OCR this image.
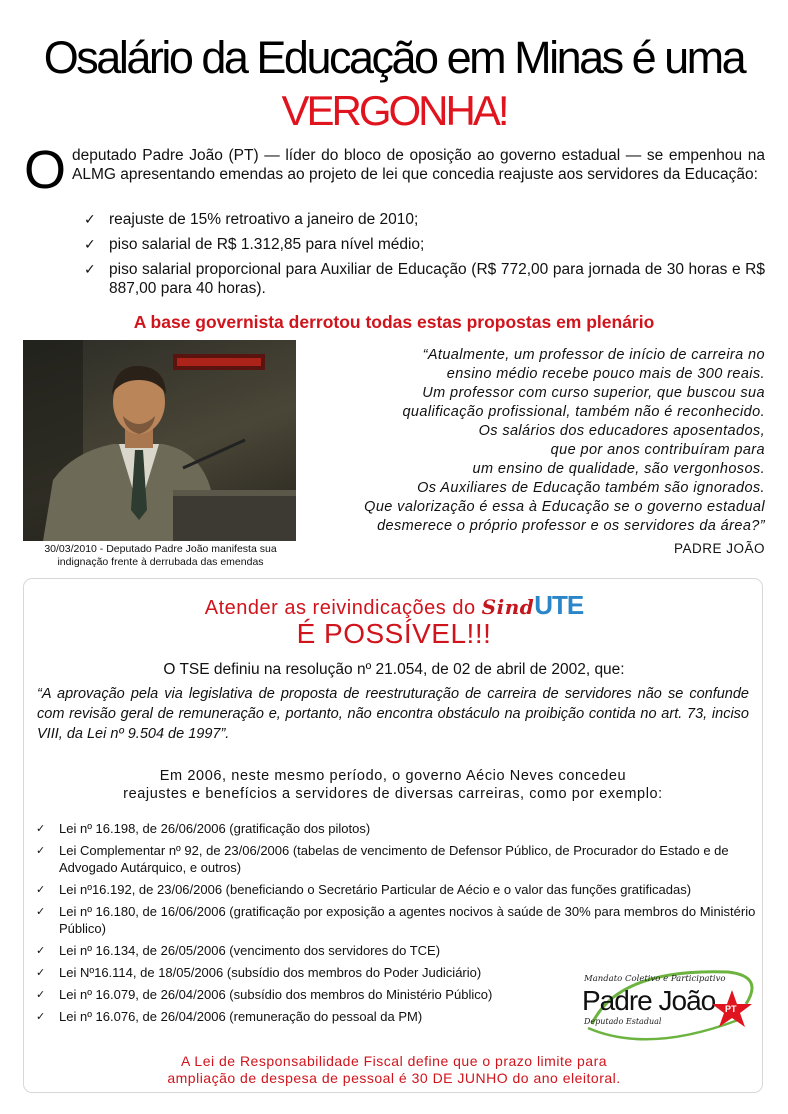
Osalário da Educação em Minas é uma
VERGONHA!
Odeputado Padre João (PT) — líder do bloco de oposição ao governo estadual — se empenhou na ALMG apresentando emendas ao projeto de lei que concedia reajuste aos servidores da Educação:
✓ reajuste de 15% retroativo a janeiro de 2010;
✓ piso salarial de R$ 1.312,85 para nível médio;
✓ piso salarial proporcional para Auxiliar de Educação (R$ 772,00 para jornada de 30 horas e R$ 887,00 para 40 horas).
A base governista derrotou todas estas propostas em plenário
30/03/2010 - Deputado Padre João manifesta sua indignação frente à derrubada das emendas
“Atualmente, um professor de início de carreira no
ensino médio recebe pouco mais de 300 reais.
Um professor com curso superior, que buscou sua
qualificação profissional, também não é reconhecido.
Os salários dos educadores aposentados,
que por anos contribuíram para
um ensino de qualidade, são vergonhosos.
Os Auxiliares de Educação também são ignorados.
Que valorização é essa à Educação se o governo estadual
desmerece o próprio professor e os servidores da área?”
PADRE JOÃO
Atender as reivindicações do SindUTE
É POSSÍVEL!!!
O TSE definiu na resolução nº 21.054, de 02 de abril de 2002, que:
“A aprovação pela via legislativa de proposta de reestruturação de carreira de servidores não se confunde com revisão geral de remuneração e, portanto, não encontra obstáculo na proibição contida no art. 73, inciso VIII, da Lei nº 9.504 de 1997”.
Em 2006, neste mesmo período, o governo Aécio Neves concedeu
reajustes e benefícios a servidores de diversas carreiras, como por exemplo:
✓ Lei nº 16.198, de 26/06/2006 (gratificação dos pilotos)
✓ Lei Complementar nº 92, de 23/06/2006 (tabelas de vencimento de Defensor Público, de Procurador do Estado e de Advogado Autárquico, e outros)
✓ Lei nº16.192, de 23/06/2006 (beneficiando o Secretário Particular de Aécio e o valor das funções gratificadas)
✓ Lei nº 16.180, de 16/06/2006 (gratificação por exposição a agentes nocivos à saúde de 30% para membros do Ministério Público)
✓ Lei nº 16.134, de 26/05/2006 (vencimento dos servidores do TCE)
✓ Lei Nº16.114, de 18/05/2006 (subsídio dos membros do Poder Judiciário)
✓ Lei nº 16.079, de 26/04/2006 (subsídio dos membros do Ministério Público)
✓ Lei nº 16.076, de 26/04/2006 (remuneração do pessoal da PM)
Mandato Coletivo e Participativo
Padre João
Deputado Estadual
PT
A Lei de Responsabilidade Fiscal define que o prazo limite para
ampliação de despesa de pessoal é 30 DE JUNHO do ano eleitoral.
